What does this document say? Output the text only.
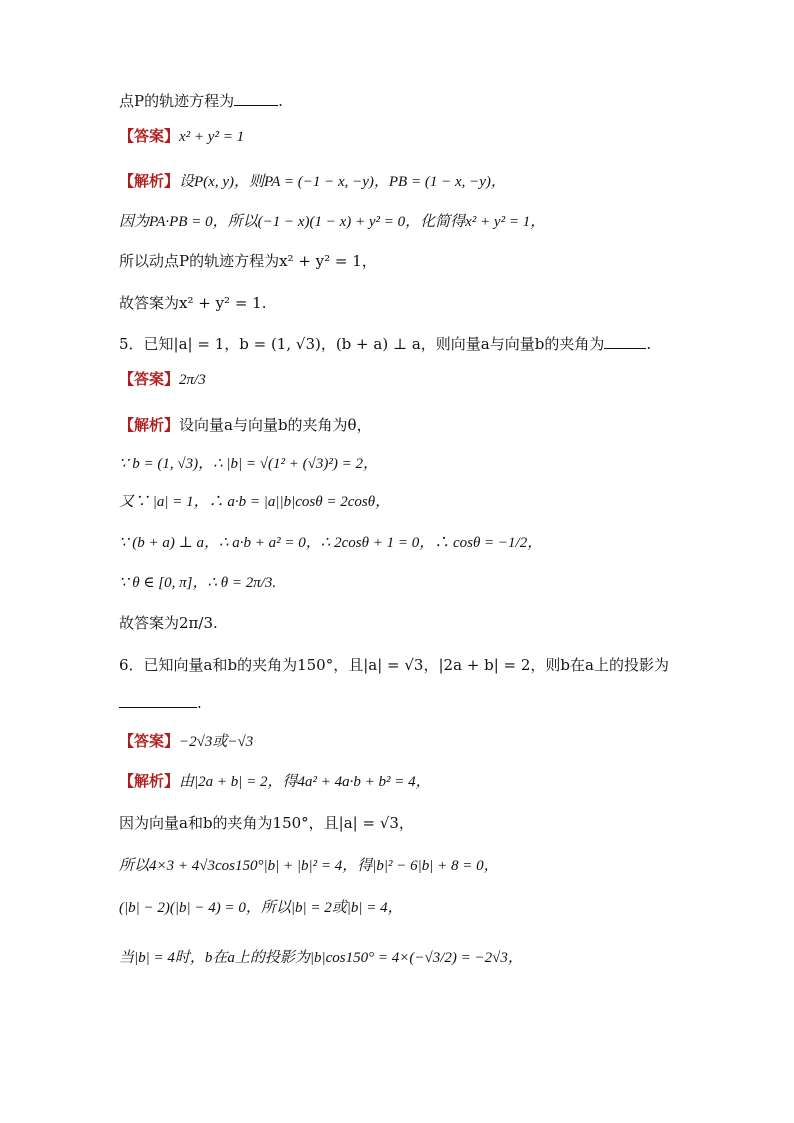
点P的轨迹方程为	.
【答案】x² + y² = 1
【解析】设P(x, y)，则PA = (−1 − x, −y)，PB = (1 − x, −y)，
因为PA·PB = 0，所以(−1 − x)(1 − x) + y² = 0，化简得x² + y² = 1，
所以动点P的轨迹方程为x² + y² = 1，
故答案为x² + y² = 1.
5．已知|a| = 1，b = (1, √3)，(b + a) ⊥ a，则向量a与向量b的夹角为	.
【答案】2π/3
【解析】设向量a与向量b的夹角为θ，
∵ b = (1, √3)，∴ |b| = √(1² + (√3)²) = 2，
又∵ |a| = 1，∴ a·b = |a||b|cosθ = 2cosθ，
∵ (b + a) ⊥ a，∴ a·b + a² = 0，∴ 2cosθ + 1 = 0，∴ cosθ = −1/2，
∵ θ ∈ [0, π]，∴ θ = 2π/3.
故答案为2π/3.
6．已知向量a和b的夹角为150°，且|a| = √3，|2a + b| = 2，则b在a上的投影为
.
【答案】−2√3或−√3
【解析】由|2a + b| = 2，得4a² + 4a·b + b² = 4，
因为向量a和b的夹角为150°，且|a| = √3，
所以4×3 + 4√3cos150°|b| + |b|² = 4，得|b|² − 6|b| + 8 = 0，
(|b| − 2)(|b| − 4) = 0，所以|b| = 2或|b| = 4，
当|b| = 4时，b在a上的投影为|b|cos150° = 4×(−√3/2) = −2√3，
